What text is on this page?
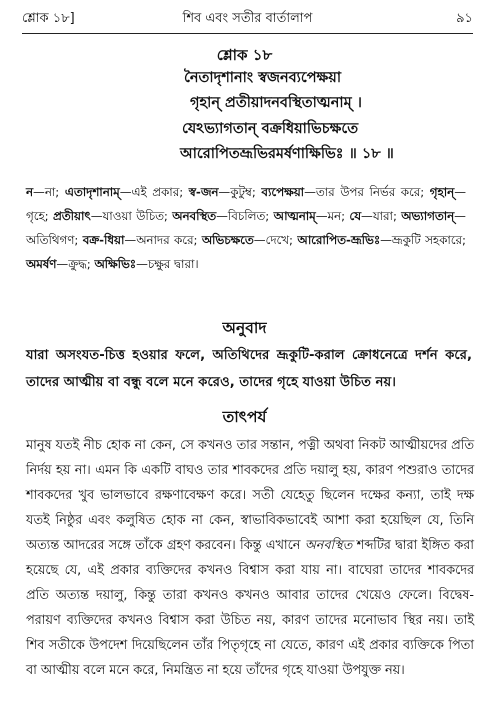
শ্লোক ১৮]	শিব এবং সতীর বার্তালাপ	৯১
শ্লোক ১৮
নৈতাদৃশানাং স্বজনব্যপেক্ষয়া
গৃহান্ প্রতীয়াদনবস্থিতাত্মনাম্ ।
যেঽভ্যাগতান্ বক্রধিয়াভিচক্ষতে
আরোপিতভ্রূভিরমর্ষণাক্ষিভিঃ ॥ ১৮ ॥
ন—না; এতাদৃশানাম্—এই প্রকার; স্ব-জন—কুটুম্ব; ব্যপেক্ষয়া—তার উপর নির্ভর করে; গৃহান্—গৃহে; প্রতীয়াৎ—যাওয়া উচিত; অনবস্থিত—বিচলিত; আত্মনাম্—মন; যে—যারা; অভ্যাগতান্—অতিথিগণ; বক্র-ধিয়া—অনাদর করে; অভিচক্ষতে—দেখে; আরোপিত-ভ্রূভিঃ—ভ্রূকুটি সহকারে; অমর্ষণ—ক্রুদ্ধ; অক্ষিভিঃ—চক্ষুর দ্বারা।
অনুবাদ
যারা অসংযত-চিত্ত হওয়ার ফলে, অতিথিদের ভ্রূকুটি-করাল ক্রোধনেত্রে দর্শন করে, তাদের আত্মীয় বা বন্ধু বলে মনে করেও, তাদের গৃহে যাওয়া উচিত নয়।
তাৎপর্য
মানুষ যতই নীচ হোক না কেন, সে কখনও তার সন্তান, পত্নী অথবা নিকট আত্মীয়দের প্রতি নির্দয় হয় না। এমন কি একটি বাঘও তার শাবকদের প্রতি দয়ালু হয়, কারণ পশুরাও তাদের শাবকদের খুব ভালভাবে রক্ষণাবেক্ষণ করে। সতী যেহেতু ছিলেন দক্ষের কন্যা, তাই দক্ষ যতই নিষ্ঠুর এবং কলুষিত হোক না কেন, স্বাভাবিকভাবেই আশা করা হয়েছিল যে, তিনি অত্যন্ত আদরের সঙ্গে তাঁকে গ্রহণ করবেন। কিন্তু এখানে অনবস্থিত শব্দটির দ্বারা ইঙ্গিত করা হয়েছে যে, এই প্রকার ব্যক্তিদের কখনও বিশ্বাস করা যায় না। বাঘেরা তাদের শাবকদের প্রতি অত্যন্ত দয়ালু, কিন্তু তারা কখনও কখনও আবার তাদের খেয়েও ফেলে। বিদ্বেষ-পরায়ণ ব্যক্তিদের কখনও বিশ্বাস করা উচিত নয়, কারণ তাদের মনোভাব স্থির নয়। তাই শিব সতীকে উপদেশ দিয়েছিলেন তাঁর পিতৃগৃহে না যেতে, কারণ এই প্রকার ব্যক্তিকে পিতা বা আত্মীয় বলে মনে করে, নিমন্ত্রিত না হয়ে তাঁদের গৃহে যাওয়া উপযুক্ত নয়।
